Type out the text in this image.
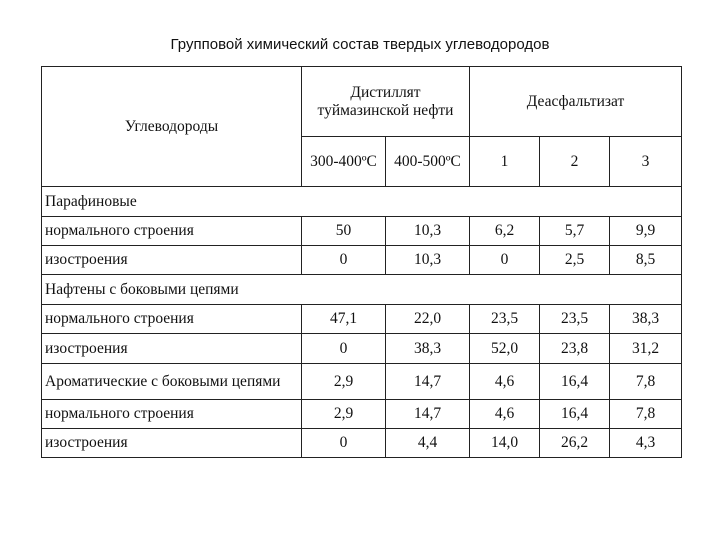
Групповой химический состав твердых углеводородов
Углеводороды	Дистиллят туймазинской нефти		Деасфальтизат		
	300-400ºC	400-500ºC	1	2	3
Парафиновые					
нормального строения	50	10,3	6,2	5,7	9,9
изостроения	0	10,3	0	2,5	8,5
Нафтены с боковыми цепями					
нормального строения	47,1	22,0	23,5	23,5	38,3
изостроения	0	38,3	52,0	23,8	31,2
Ароматические с боковыми цепями	2,9	14,7	4,6	16,4	7,8
нормального строения	2,9	14,7	4,6	16,4	7,8
изостроения	0	4,4	14,0	26,2	4,3
